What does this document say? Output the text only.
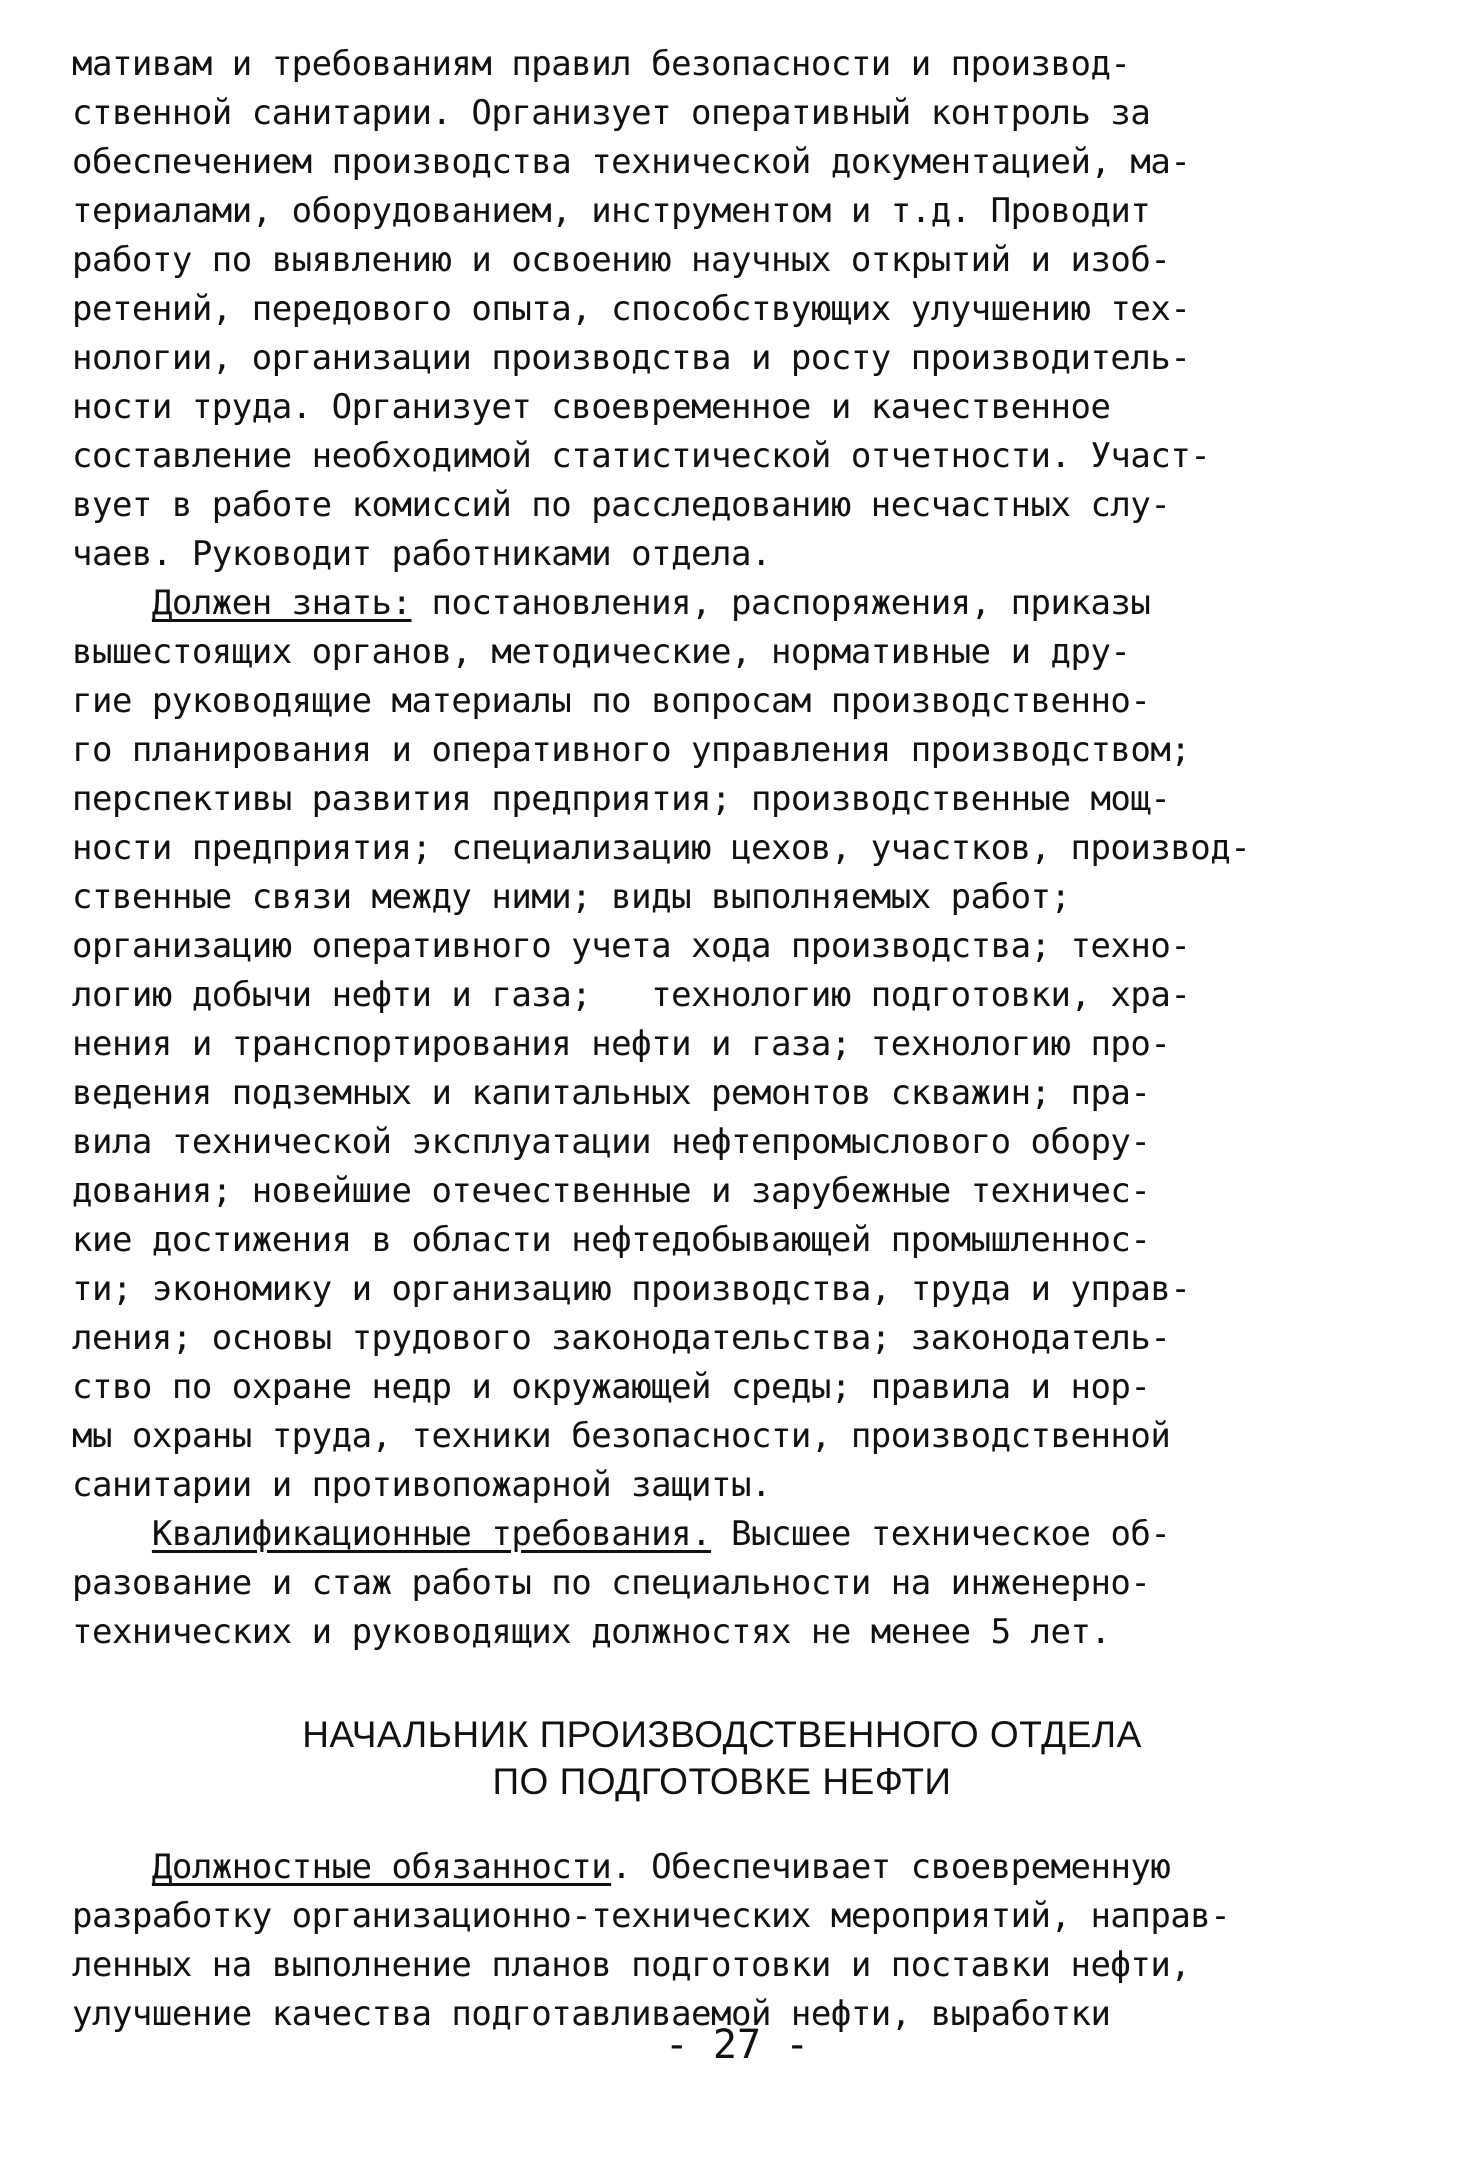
мативам и требованиям правил безопасности и производ-
ственной санитарии. Организует оперативный контроль за
обеспечением производства технической документацией, ма-
териалами, оборудованием, инструментом и т.д. Проводит
работу по выявлению и освоению научных открытий и изоб-
ретений, передового опыта, способствующих улучшению тех-
нологии, организации производства и росту производитель-
ности труда. Организует своевременное и качественное
составление необходимой статистической отчетности. Участ-
вует в работе комиссий по расследованию несчастных слу-
чаев. Руководит работниками отдела.
Должен знать: постановления, распоряжения, приказы
вышестоящих органов, методические, нормативные и дру-
гие руководящие материалы по вопросам производственно-
го планирования и оперативного управления производством;
перспективы развития предприятия; производственные мощ-
ности предприятия; специализацию цехов, участков, производ-
ственные связи между ними; виды выполняемых работ;
организацию оперативного учета хода производства; техно-
логию добычи нефти и газа;   технологию подготовки, хра-
нения и транспортирования нефти и газа; технологию про-
ведения подземных и капитальных ремонтов скважин; пра-
вила технической эксплуатации нефтепромыслового обору-
дования; новейшие отечественные и зарубежные техничес-
кие достижения в области нефтедобывающей промышленнос-
ти; экономику и организацию производства, труда и управ-
ления; основы трудового законодательства; законодатель-
ство по охране недр и окружающей среды; правила и нор-
мы охраны труда, техники безопасности, производственной
санитарии и противопожарной защиты.
Квалификационные требования. Высшее техническое об-
разование и стаж работы по специальности на инженерно-
технических и руководящих должностях не менее 5 лет.
НАЧАЛЬНИК ПРОИЗВОДСТВЕННОГО ОТДЕЛА
ПО ПОДГОТОВКЕ НЕФТИ
Должностные обязанности. Обеспечивает своевременную
разработку организационно-технических мероприятий, направ-
ленных на выполнение планов подготовки и поставки нефти,
улучшение качества подготавливаемой нефти, выработки
- 27 -
